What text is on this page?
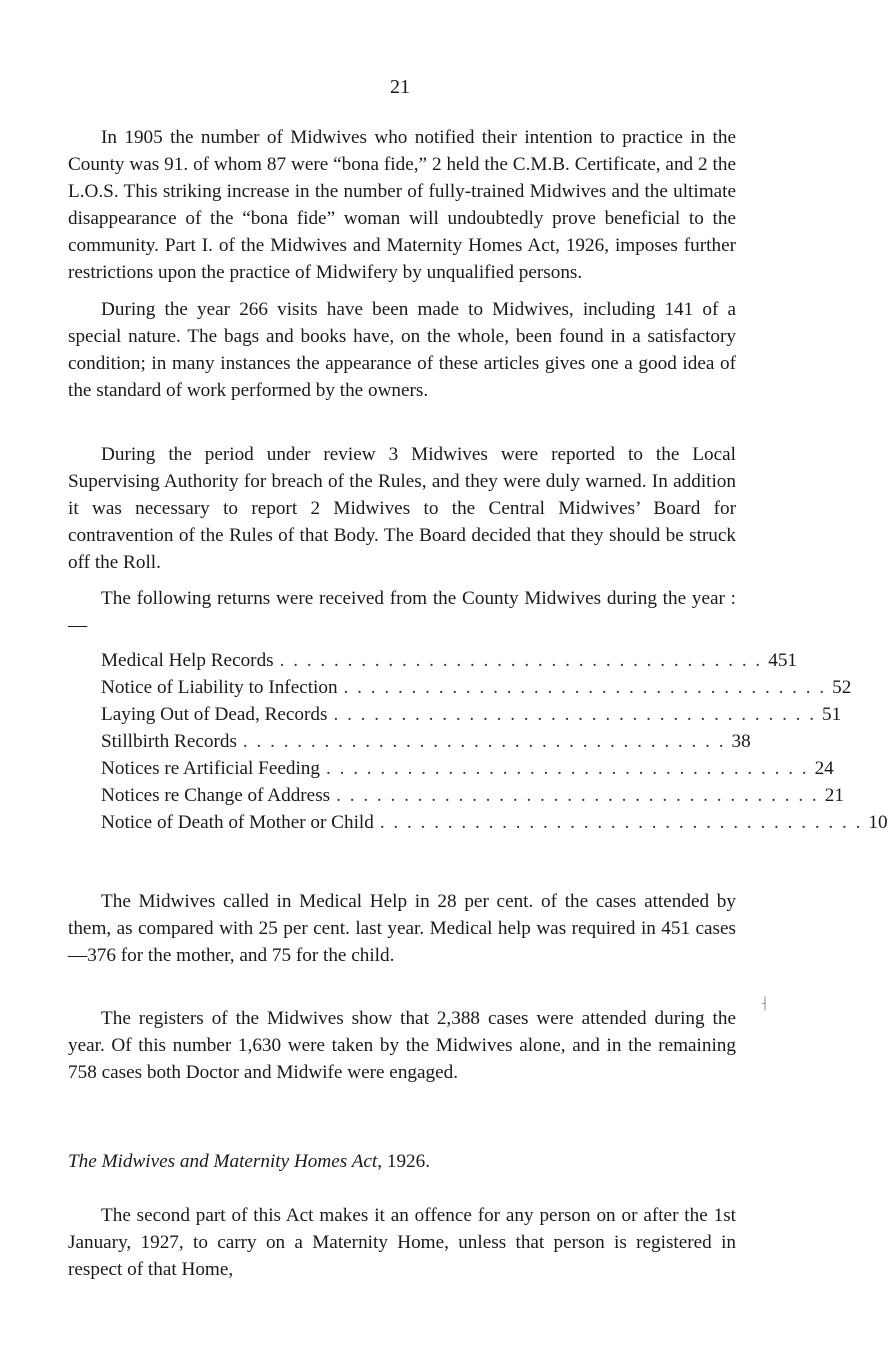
21

In 1905 the number of Midwives who notified their intention to practice in the County was 91. of whom 87 were “bona fide,” 2 held the C.M.B. Certificate, and 2 the L.O.S. This striking increase in the number of fully-trained Midwives and the ultimate disappearance of the “bona fide” woman will undoubtedly prove beneficial to the community. Part I. of the Midwives and Maternity Homes Act, 1926, imposes further restrictions upon the practice of Midwifery by unqualified persons.

During the year 266 visits have been made to Midwives, including 141 of a special nature. The bags and books have, on the whole, been found in a satisfactory condition; in many instances the appearance of these articles gives one a good idea of the standard of work performed by the owners.

During the period under review 3 Midwives were reported to the Local Supervising Authority for breach of the Rules, and they were duly warned. In addition it was necessary to report 2 Midwives to the Central Midwives’ Board for contravention of the Rules of that Body. The Board decided that they should be struck off the Roll.

The following returns were received from the County Midwives during the year :—

Medical Help Records . . . . . . . . . . . . . . . . . . . . . . . . . . . . . . . . . . . . 451
Notice of Liability to Infection . . . . . . . . . . . . . . . . . . . . . . . . . . . . . . . . . . . . 52
Laying Out of Dead, Records . . . . . . . . . . . . . . . . . . . . . . . . . . . . . . . . . . . . 51
Stillbirth Records . . . . . . . . . . . . . . . . . . . . . . . . . . . . . . . . . . . . 38
Notices re Artificial Feeding . . . . . . . . . . . . . . . . . . . . . . . . . . . . . . . . . . . . 24
Notices re Change of Address . . . . . . . . . . . . . . . . . . . . . . . . . . . . . . . . . . . . 21
Notice of Death of Mother or Child . . . . . . . . . . . . . . . . . . . . . . . . . . . . . . . . . . . . 10

The Midwives called in Medical Help in 28 per cent. of the cases attended by them, as compared with 25 per cent. last year. Medical help was required in 451 cases—376 for the mother, and 75 for the child.

The registers of the Midwives show that 2,388 cases were attended during the year. Of this number 1,630 were taken by the Midwives alone, and in the remaining 758 cases both Doctor and Midwife were engaged.

The Midwives and Maternity Homes Act, 1926.

The second part of this Act makes it an offence for any person on or after the 1st January, 1927, to carry on a Maternity Home, unless that person is registered in respect of that Home,

⸡
